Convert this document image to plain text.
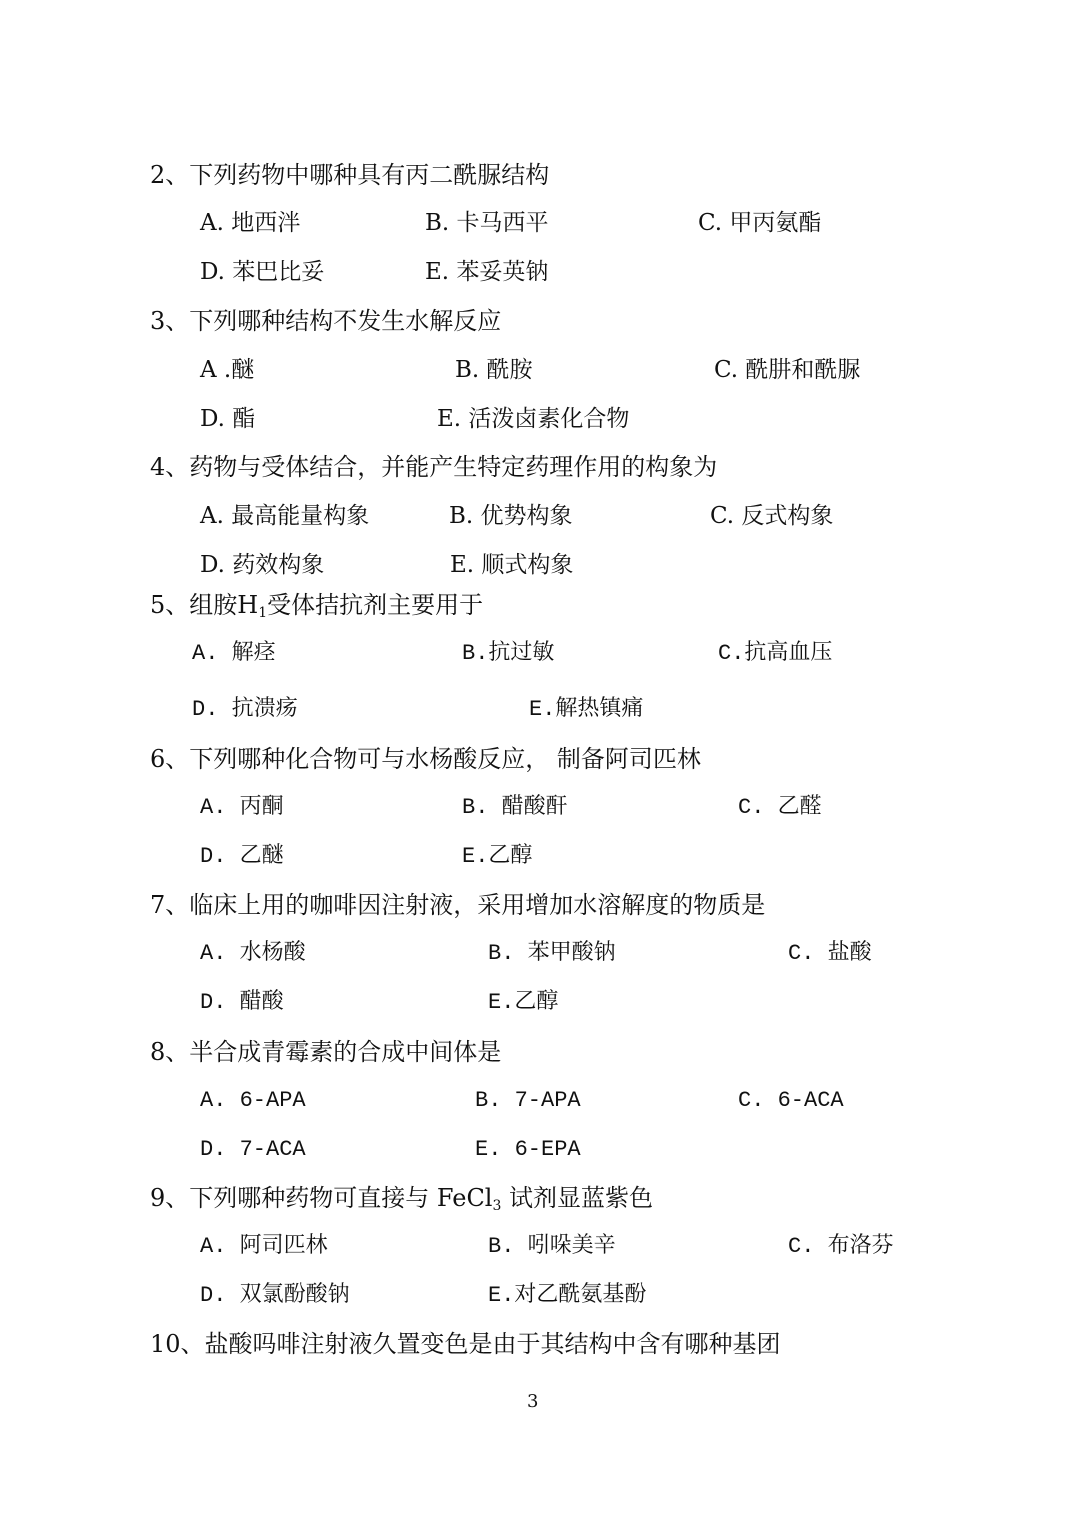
2、下列药物中哪种具有丙二酰脲结构
A. 地西泮	B. 卡马西平	C. 甲丙氨酯
D. 苯巴比妥	E. 苯妥英钠
3、下列哪种结构不发生水解反应
A .醚	B. 酰胺	C. 酰肼和酰脲
D. 酯	E. 活泼卤素化合物
4、药物与受体结合，并能产生特定药理作用的构象为
A. 最高能量构象	B. 优势构象	C. 反式构象
D. 药效构象	E. 顺式构象
5、组胺$H_1$受体拮抗剂主要用于
A. 解痉	B.抗过敏	C.抗高血压
D. 抗溃疡	E.解热镇痛
6、下列哪种化合物可与水杨酸反应， 制备阿司匹林
A. 丙酮	B. 醋酸酐	C. 乙醛
D. 乙醚	E.乙醇
7、临床上用的咖啡因注射液，采用增加水溶解度的物质是
A. 水杨酸	B. 苯甲酸钠	C. 盐酸
D. 醋酸	E.乙醇
8、半合成青霉素的合成中间体是
A. 6-APA	B. 7-APA	C. 6-ACA
D. 7-ACA	E. 6-EPA
9、下列哪种药物可直接与 FeCl$_3$ 试剂显蓝紫色
A. 阿司匹林	B. 吲哚美辛	C. 布洛芬
D. 双氯酚酸钠	E.对乙酰氨基酚
10、盐酸吗啡注射液久置变色是由于其结构中含有哪种基团
3
